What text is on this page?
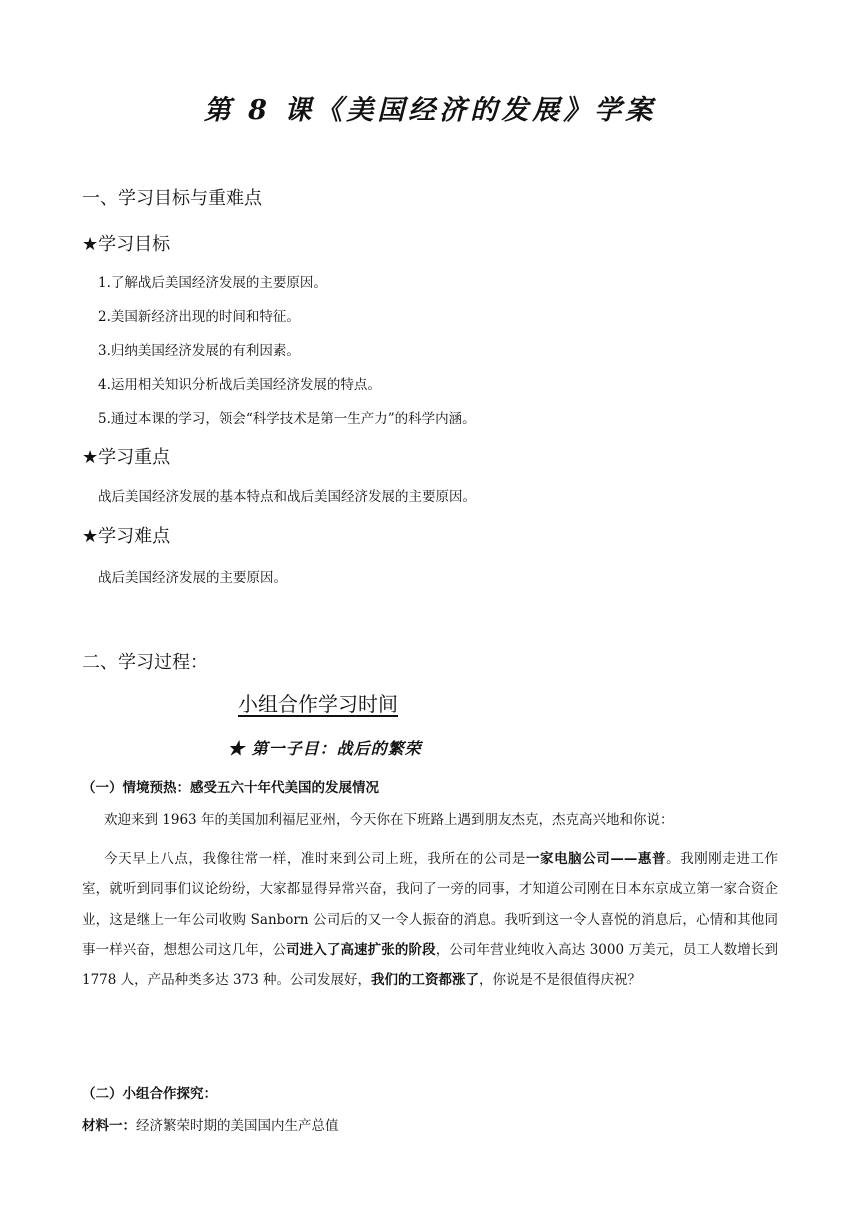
第 8 课《美国经济的发展》学案
一、学习目标与重难点
★学习目标
1.了解战后美国经济发展的主要原因。
2.美国新经济出现的时间和特征。
3.归纳美国经济发展的有利因素。
4.运用相关知识分析战后美国经济发展的特点。
5.通过本课的学习，领会“科学技术是第一生产力”的科学内涵。
★学习重点
战后美国经济发展的基本特点和战后美国经济发展的主要原因。
★学习难点
战后美国经济发展的主要原因。
二、学习过程：
小组合作学习时间
★ 第一子目：战后的繁荣
（一）情境预热：感受五六十年代美国的发展情况
欢迎来到 1963 年的美国加利福尼亚州，今天你在下班路上遇到朋友杰克，杰克高兴地和你说：

今天早上八点，我像往常一样，准时来到公司上班，我所在的公司是一家电脑公司——惠普。我刚刚走进工作室，就听到同事们议论纷纷，大家都显得异常兴奋，我问了一旁的同事，才知道公司刚在日本东京成立第一家合资企业，这是继上一年公司收购 Sanborn 公司后的又一令人振奋的消息。我听到这一令人喜悦的消息后，心情和其他同事一样兴奋，想想公司这几年，公司进入了高速扩张的阶段，公司年营业纯收入高达 3000 万美元，员工人数增长到 1778 人，产品种类多达 373 种。公司发展好，我们的工资都涨了，你说是不是很值得庆祝？

（二）小组合作探究：
材料一：经济繁荣时期的美国国内生产总值
